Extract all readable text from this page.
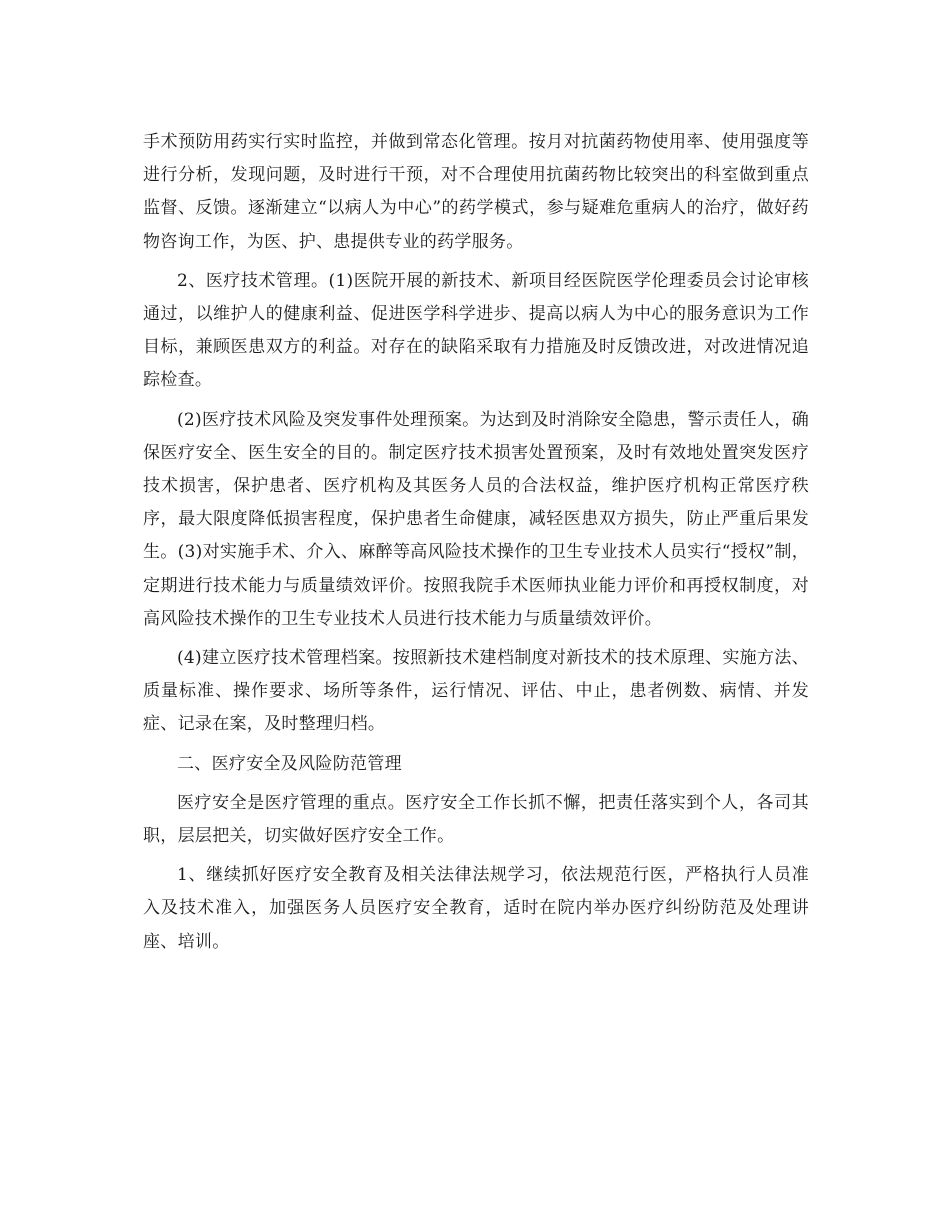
手术预防用药实行实时监控，并做到常态化管理。按月对抗菌药物使用率、使用强度等进行分析，发现问题，及时进行干预，对不合理使用抗菌药物比较突出的科室做到重点监督、反馈。逐渐建立“以病人为中心”的药学模式，参与疑难危重病人的治疗，做好药物咨询工作，为医、护、患提供专业的药学服务。

2、医疗技术管理。(1)医院开展的新技术、新项目经医院医学伦理委员会讨论审核通过，以维护人的健康利益、促进医学科学进步、提高以病人为中心的服务意识为工作目标，兼顾医患双方的利益。对存在的缺陷采取有力措施及时反馈改进，对改进情况追踪检查。

(2)医疗技术风险及突发事件处理预案。为达到及时消除安全隐患，警示责任人，确保医疗安全、医生安全的目的。制定医疗技术损害处置预案，及时有效地处置突发医疗技术损害，保护患者、医疗机构及其医务人员的合法权益，维护医疗机构正常医疗秩序，最大限度降低损害程度，保护患者生命健康，减轻医患双方损失，防止严重后果发生。(3)对实施手术、介入、麻醉等高风险技术操作的卫生专业技术人员实行“授权”制，定期进行技术能力与质量绩效评价。按照我院手术医师执业能力评价和再授权制度，对高风险技术操作的卫生专业技术人员进行技术能力与质量绩效评价。

(4)建立医疗技术管理档案。按照新技术建档制度对新技术的技术原理、实施方法、质量标准、操作要求、场所等条件，运行情况、评估、中止，患者例数、病情、并发症、记录在案，及时整理归档。

二、医疗安全及风险防范管理

医疗安全是医疗管理的重点。医疗安全工作长抓不懈，把责任落实到个人，各司其职，层层把关，切实做好医疗安全工作。

1、继续抓好医疗安全教育及相关法律法规学习，依法规范行医，严格执行人员准入及技术准入，加强医务人员医疗安全教育，适时在院内举办医疗纠纷防范及处理讲座、培训。
